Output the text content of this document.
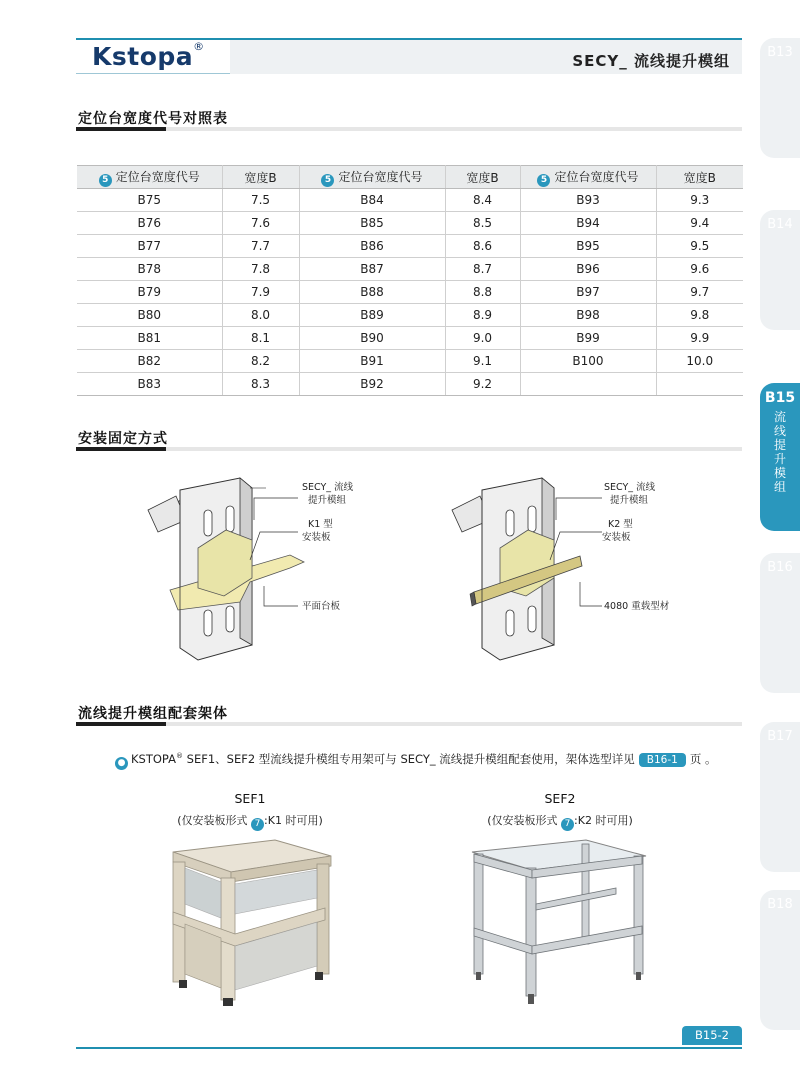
Kstopa®
SECY_ 流线提升模组	B13
B14
B15
流线提升模组
B16
B17
B18
定位台宽度代号对照表
5 定位台宽度代号	宽度B	5 定位台宽度代号	宽度B	5 定位台宽度代号	宽度B
B75	7.5	B84	8.4	B93	9.3
B76	7.6	B85	8.5	B94	9.4
B77	7.7	B86	8.6	B95	9.5
B78	7.8	B87	8.7	B96	9.6
B79	7.9	B88	8.8	B97	9.7
B80	8.0	B89	8.9	B98	9.8
B81	8.1	B90	9.0	B99	9.9
B82	8.2	B91	9.1	B100	10.0
B83	8.3	B92	9.2		
安装固定方式
SECY_ 流线
提升模组
K1 型
安装板
平面台板
SECY_ 流线
提升模组
K2 型
安装板
4080 重载型材
流线提升模组配套架体
● KSTOPA® SEF1、SEF2 型流线提升模组专用架可与 SECY_ 流线提升模组配套使用，架体选型详见 B16-1 页 。
SEF1
(仅安装板形式 7 :K1 时可用)
SEF2
(仅安装板形式 7 :K2 时可用)
B15-2
